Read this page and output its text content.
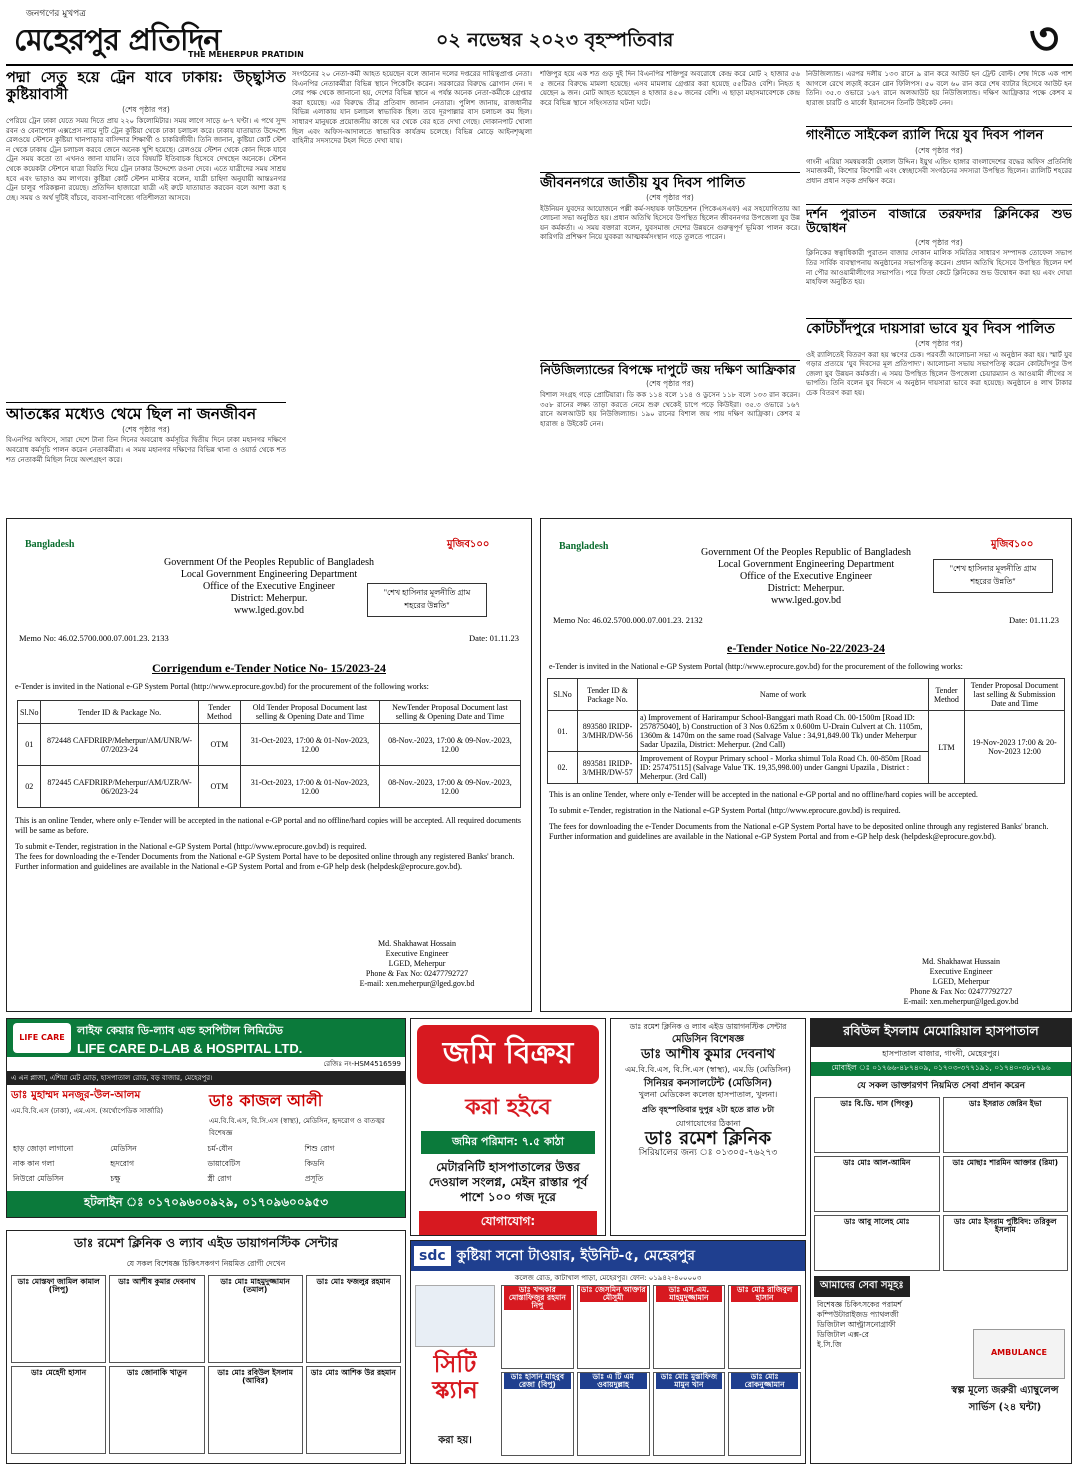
জনগণের মুখপত্র
মেহেরপুর প্রতিদিন
THE MEHERPUR PRATIDIN
০২ নভেম্বর ২০২৩ বৃহস্পতিবার	৩
পদ্মা সেতু হয়ে ট্রেন যাবে ঢাকায়: উচ্ছ্বসিত কুষ্টিয়াবাসী
(শেষ পৃষ্ঠার পর)
পেরিয়ে ট্রেন ঢাকা যেতে সময় দিতে প্রায় ২২০ কিলোমিটার। সময় লাগে সাড়ে ৬-৭ ঘণ্টা। এ পথে সুন্দরবন ও বেনাপোল এক্সপ্রেস নামে দুটি ট্রেন কুষ্টিয়া থেকে ঢাকা চলাচল করে। ঢাকায় যাতায়াত উদ্দেশ্যে রেলওয়ে স্টেশনে কুষ্টিয়া খানপাড়ার বাসিন্দার শিক্ষার্থী ও চাকরিজীবী। তিনি জানান, কুষ্টিয়া কোর্ট স্টেশন থেকে ঢাকায় ট্রেন চলাচল করবে জেনে অনেক খুশি হয়েছে। রেলওয়ে স্টেশন থেকে কোন দিকে যাবে ট্রেন সময় কতো তা এখনও জানা যায়নি। তবে বিষয়টি ইতিবাচক হিসেবে দেখছেন অনেকে। স্টেশন থেকে কয়েকটা স্টেশনে যাত্রা বিরতি দিয়ে ট্রেন ঢাকার উদ্দেশ্যে রওনা দেবে। এতে যাত্রীদের সময় সাশ্রয় হবে এবং ভাড়াও কম লাগবে। কুষ্টিয়া কোর্ট স্টেশন মাস্টার বলেন, যাত্রী চাহিদা অনুযায়ী আন্তঃনগর ট্রেন চালুর পরিকল্পনা রয়েছে। প্রতিদিন হাজারো যাত্রী এই রুটে যাতায়াত করবেন বলে আশা করা হচ্ছে। সময় ও অর্থ দুটিই বাঁচবে, ব্যবসা-বাণিজ্যে গতিশীলতা আসবে।
আতঙ্কের মধ্যেও থেমে ছিল না জনজীবন
(শেষ পৃষ্ঠার পর)
বিএনপির অফিসে, সারা দেশে টানা তিন দিনের অবরোধ কর্মসূচির দ্বিতীয় দিনে ঢাকা মহানগর দক্ষিণে অবরোধ কর্মসূচি পালন করেন নেতাকর্মীরা। এ সময় মহানগর দক্ষিণের বিভিন্ন থানা ও ওয়ার্ড থেকে শত শত নেতাকর্মী মিছিল নিয়ে অংশগ্রহণ করে।
সংগঠনের ২০ নেতা-কর্মী আহত হয়েছেন বলে জানান দলের দপ্তরের দায়িত্বপ্রাপ্ত নেতা। বিএনপির নেতাকর্মীরা বিভিন্ন স্থানে পিকেটিং করেন। সরকারের বিরুদ্ধে স্লোগান দেন। দলের পক্ষ থেকে জানানো হয়, দেশের বিভিন্ন স্থানে এ পর্যন্ত অনেক নেতা-কর্মীকে গ্রেপ্তার করা হয়েছে। এর বিরুদ্ধে তীব্র প্রতিবাদ জানান নেতারা। পুলিশ জানায়, রাজধানীর বিভিন্ন এলাকায় যান চলাচল স্বাভাবিক ছিল। তবে দূরপাল্লার বাস চলাচল কম ছিল। সাধারণ মানুষকে প্রয়োজনীয় কাজে ঘর থেকে বের হতে দেখা গেছে। দোকানপাট খোলা ছিল এবং অফিস-আদালতে স্বাভাবিক কার্যক্রম চলেছে। বিভিন্ন মোড়ে আইনশৃঙ্খলা বাহিনীর সদস্যদের টহল দিতে দেখা যায়।
শক্তিপুর হয়ে এক শত গুড় দুই দিন বিএনপির শক্তিপুর অবরোধে কেন্দ্র করে মোট ২ হাজার ৫৬৫ জনের বিরুদ্ধে মামলা হয়েছে। এসব মামলায় গ্রেপ্তার করা হয়েছে ৫৫টিরও বেশি। নিহত হয়েছেন ৯ জন। মোট আহত হয়েছেন ৪ হাজার ৪৫০ জনের বেশি। এ ছাড়া মহাসমাবেশকে কেন্দ্র করে বিভিন্ন স্থানে সহিংসতার ঘটনা ঘটে।
জীবননগরে জাতীয় যুব দিবস পালিত
(শেষ পৃষ্ঠার পর)
ইউনিয়ন যুবদের আয়োজনে পল্লী কর্ম-সহায়ক ফাউন্ডেশন (পিকেএসএফ) এর সহযোগিতায় আলোচনা সভা অনুষ্ঠিত হয়। প্রধান অতিথি হিসেবে উপস্থিত ছিলেন জীবননগর উপজেলা যুব উন্নয়ন কর্মকর্তা। এ সময় বক্তারা বলেন, যুবসমাজ দেশের উন্নয়নে গুরুত্বপূর্ণ ভূমিকা পালন করে। কারিগরি প্রশিক্ষণ নিয়ে যুবকরা আত্মকর্মসংস্থান গড়ে তুলতে পারেন।
নিউজিল্যান্ডের বিপক্ষে দাপুটে জয় দক্ষিণ আফ্রিকার
(শেষ পৃষ্ঠার পর)
বিশাল সংগ্রহ গড়ে প্রোটিয়ারা। ডি কক ১১৪ বলে ১১৪ ও ডুসেন ১১৮ বলে ১৩৩ রান করেন। ৩৫৮ রানের লক্ষ্য তাড়া করতে নেমে শুরু থেকেই চাপে পড়ে কিউইরা। ৩৫.৩ ওভারে ১৬৭ রানে অলআউট হয় নিউজিল্যান্ড। ১৯০ রানের বিশাল জয় পায় দক্ষিণ আফ্রিকা। কেশব মহারাজ ৪ উইকেট নেন।
নিউজিল্যান্ড। এরপর দলীয় ১৩৩ রানে ৯ রান করে আউট হন ট্রেন্ট বোল্ট। শেষ দিকে এক পাশ আগলে রেখে লড়াই করেন গ্লেন ফিলিপস। ৫০ বলে ৬০ রান করে শেষ ব্যাটার হিসেবে আউট হন তিনি। ৩৫.৩ ওভারে ১৬৭ রানে অলআউট হয় নিউজিল্যান্ড। দক্ষিণ আফ্রিকার পক্ষে কেশব মহারাজ চারটি ও মার্কো ইয়ানসেন তিনটি উইকেট নেন।
গাংনীতে সাইকেল র‌্যালি দিয়ে যুব দিবস পালন
(শেষ পৃষ্ঠার পর)
গাংনী এরিয়া সমন্বয়কারী হেলাল উদ্দিন। ইয়ুথ এন্ডিং হাঙ্গার বাংলাদেশের বদ্ধের অফিস প্রতিনিধি সমাজকর্মী, কিশোর কিশোরী এবং স্বেচ্ছাসেবী সংগঠনের সদস্যরা উপস্থিত ছিলেন। র‌্যালিটি শহরের প্রধান প্রধান সড়ক প্রদক্ষিণ করে।
দর্শন পুরাতন বাজারে তরফদার ক্লিনিকের শুভ উদ্বোধন
(শেষ পৃষ্ঠার পর)
ক্লিনিকের স্বত্বাধিকারী পুরাতন বাজার দোকান মালিক সমিতির সাধারণ সম্পাদক তোফেল সভাপতির সার্বিক ব্যবস্থাপনায় অনুষ্ঠানের সভাপতিত্ব করেন। প্রধান অতিথি হিসেবে উপস্থিত ছিলেন দর্শনা পৌর আওয়ামীলীগের সভাপতি। পরে ফিতা কেটে ক্লিনিকের শুভ উদ্বোধন করা হয় এবং দোয়া মাহফিল অনুষ্ঠিত হয়।
কোটচাঁদপুরে দায়সারা ভাবে যুব দিবস পালিত
(শেষ পৃষ্ঠার পর)
ওই র‌্যালিতেই বিতরণ করা হয় ঋণের চেক। পরবর্তী আলোচনা সভা এ অনুষ্ঠান করা হয়। স্মার্ট যুব গড়ার প্রত্যয়ে 'যুব দিবসের মূল প্রতিপাদ্য'। আলোচনা সভায় সভাপতিত্ব করেন কোটচাঁদপুর উপজেলা যুব উন্নয়ন কর্মকর্তা। এ সময় উপস্থিত ছিলেন উপজেলা চেয়ারম্যান ও আওয়ামী লীগের সভাপতি। তিনি বলেন যুব দিবসে এ অনুষ্ঠান দায়সারা ভাবে করা হয়েছে। অনুষ্ঠানে ৪ লাখ টাকার চেক বিতরণ করা হয়।
Bangladesh	মুজিব১০০
Government Of the Peoples Republic of Bangladesh
Local Government Engineering Department
Office of the Executive Engineer
District: Meherpur.
www.lged.gov.bd
"শেখ হাসিনার মূলনীতি গ্রাম শহরের উন্নতি"
Memo No: 46.02.5700.000.07.001.23. 2133	Date: 01.11.23
Corrigendum e-Tender Notice No- 15/2023-24

e-Tender is invited in the National e-GP System Portal (http://www.eprocure.gov.bd) for the procurement of the following works:

Sl.No	Tender ID & Package No.	Tender Method	Old Tender Proposal Document last selling & Opening Date and Time	NewTender Proposal Document last selling & Opening Date and Time
01	872448 CAFDRIRP/Meherpur/AM/UNR/W-07/2023-24	OTM	31-Oct-2023, 17:00 & 01-Nov-2023, 12.00	08-Nov.-2023, 17:00 & 09-Nov.-2023, 12.00
02	872445 CAFDRIRP/Meherpur/AM/UZR/W-06/2023-24	OTM	31-Oct-2023, 17:00 & 01-Nov-2023, 12.00	08-Nov.-2023, 17:00 & 09-Nov.-2023, 12.00

This is an online Tender, where only e-Tender will be accepted in the national e-GP portal and no offline/hard copies will be accepted. All required documents will be same as before.

To submit e-Tender, registration in the National e-GP System Portal (http://www.eprocure.gov.bd) is required.

The fees for downloading the e-Tender Documents from the National e-GP System Portal have to be deposited online through any registered Banks' branch. Further information and guidelines are available in the National e-GP System Portal and from e-GP help desk (helpdesk@eprocure.gov.bd).

Md. Shakhawat Hossain
Executive Engineer
LGED, Meherpur
Phone & Fax No: 02477792727
E-mail: xen.meherpur@lged.gov.bd
Bangladesh	মুজিব১০০
Government Of the Peoples Republic of Bangladesh
Local Government Engineering Department
Office of the Executive Engineer
District: Meherpur.
www.lged.gov.bd
"শেখ হাসিনার মূলনীতি গ্রাম শহরের উন্নতি"
Memo No: 46.02.5700.000.07.001.23. 2132	Date: 01.11.23
e-Tender Notice No-22/2023-24

e-Tender is invited in the National e-GP System Portal (http://www.eprocure.gov.bd) for the procurement of the following works:

Sl.No	Tender ID & Package No.	Name of work	Tender Method	Tender Proposal Document last selling & Submission Date and Time
01.	893580 IRIDP-3/MHR/DW-56	a) Improvement of Harirampur School-Banggari math Road Ch. 00-1500m [Road ID: 257875040], b) Construction of 3 Nos 0.625m x 0.600m U-Drain Culvert at Ch. 1105m, 1360m & 1470m on the same road (Salvage Value : 34,91,849.00 Tk) under Meherpur Sadar Upazila, District: Meherpur. (2nd Call)	LTM	19-Nov-2023 17:00 & 20-Nov-2023 12:00
02.	893581 IRIDP-3/MHR/DW-57	Improvement of Roypur Primary school - Morka shimul Tola Road Ch. 00-850m [Road ID: 257475115] (Salvage Value TK. 19,35,998.00) under Gangni Upazila , District : Meherpur. (3rd Call)		

This is an online Tender, where only e-Tender will be accepted in the national e-GP portal and no offline/hard copies will be accepted.

To submit e-Tender, registration in the National e-GP System Portal (http://www.eprocure.gov.bd) is required.

The fees for downloading the e-Tender Documents from the National e-GP System Portal have to be deposited online through any registered Banks' branch. Further information and guidelines are available in the National e-GP System Portal and from e-GP help desk (helpdesk@eprocure.gov.bd).

Md. Shakhawat Hussain
Executive Engineer
LGED, Meherpur
Phone & Fax No: 02477792727
E-mail: xen.meherpur@lged.gov.bd
লাইফ কেয়ার ডি-ল্যাব এন্ড হসপিটাল লিমিটেড
LIFE CARE D-LAB & HOSPITAL LTD.
LIFE CARE
রেজিঃ নং-HSM4516599
এ এন প্লাজা, এশিয়া মেট মোড়, হাসপাতাল রোড, বড় বাজার, মেহেরপুর।
ডাঃ মুহাম্মদ মনজুর-উল-আলম
এম.বি.বি.এস (ঢাকা), এম.এস. (অর্থোপেডিক সার্জারি)
ডাঃ কাজল আলী
এম.বি.বি.এস, বি.সি.এস (স্বাস্থ্য), মেডিসিন, হৃদরোগ ও বাতজ্বর বিশেষজ্ঞ
হাড় জোড়া লাগানো	মেডিসিন	চর্ম-যৌন	শিশু রোগ
নাক কান গলা	হৃদরোগ	ডায়াবেটিস	কিডনি
নিউরো মেডিসিন	চক্ষু	স্ত্রী রোগ	প্রসূতি
হটলাইন ঃ ০১৭০৯৬০০৯২৯, ০১৭০৯৬০০৯৫৩
জমি বিক্রয়
করা হইবে
জমির পরিমান: ৭.৫ কাঠা
মেটারনিটি হাসপাতালের উত্তর দেওয়াল সংলগ্ন, মেইন রাস্তার পূর্ব পাশে ১০০ গজ দূরে
যোগাযোগ:
ডাঃ রমেশ ক্লিনিক ও ল্যাব এইড ডায়াগনস্টিক সেন্টার
মেডিসিন বিশেষজ্ঞ
ডাঃ আশীষ কুমার দেবনাথ
এম.বি.বি.এস, বি.সি.এস (স্বাস্থ্য), এম.ডি (মেডিসিন)
সিনিয়র কনসালটেন্ট (মেডিসিন)
খুলনা মেডিকেল কলেজ হাসপাতাল, খুলনা।
প্রতি বৃহস্পতিবার দুপুর ২টা হতে রাত ৮টা
যোগাযোগের ঠিকানা
ডাঃ রমেশ ক্লিনিক
সিরিয়ালের জন্য ঃ ০১৩০৫-৭৬২৭৩
রবিউল ইসলাম মেমোরিয়াল হাসপাতাল
হাসপাতাল বাজার, গাংনী, মেহেরপুর।
মোবাইল ঃ ০১৭৬৬-৪৮৭৪০৯, ০১৭০৩-৩৭৭১৯১, ০১৭৪০-৩৮৮৭৯৬
যে সকল ডাক্তারগণ নিয়মিত সেবা প্রদান করেন
ডাঃ বি.ডি. দাস (পিংকু)	ডাঃ ইসরাত জেরিন ইভা
ডাঃ মোঃ আল-আমিন	ডাঃ মোছাঃ শারমিন আক্তার (রিমা)
ডাঃ আবু সালেহ মোঃ	ডাঃ মোঃ ইসরাম পুষ্টিবিদ: তরিকুল ইসলাম
আমাদের সেবা সমূহঃ
বিশেষজ্ঞ চিকিৎসকের পরামর্শ
কম্পিউটারাইজড প্যাথলজী
ডিজিটাল আল্ট্রাসনোগ্রাফী
ডিজিটাল এক্স-রে
ই.সি.জি
AMBULANCE
স্বল্প মূল্যে জরুরী এ্যাম্বুলেন্স সার্ভিস (২৪ ঘন্টা)
ডাঃ রমেশ ক্লিনিক ও ল্যাব এইড ডায়াগনস্টিক সেন্টার
যে সকল বিশেষজ্ঞ চিকিৎসকগণ নিয়মিত রোগী দেখেন
ডাঃ মোস্তফা জামিল কামাল (লিপু)
ডাঃ আশীষ কুমার দেবনাথ	ডাঃ মোঃ মাহমুদুজ্জামান (তমাল)
ডাঃ মোঃ ফজলুর রহমান
ডাঃ মেহেদী হাসান	ডাঃ জোনাকি খাতুন	ডাঃ মোঃ রবিউল ইসলাম (আবির)
ডাঃ মোঃ আশিক উর রহমান
sdc কুষ্টিয়া সনো টাওয়ার, ইউনিট-৫, মেহেরপুর
কলেজ রোড, কাটাখাল পাড়া, মেহেরপুর। ফোন: ০১৯৪২-৪০০০০৩
সিটি স্ক্যান
করা হয়।
ডাঃ খন্দকার মোস্তাফিজুর রহমান নিপু
ডাঃ জেসমিন আক্তার মৌসুমী
ডাঃ এস.এম. মাহমুদুজ্জামান
ডাঃ মোঃ রাজিবুল হাসান
ডাঃ হাসান মাহবুব রেজা (বিপু)
ডাঃ এ টি এম ওবায়দুল্লাহ
ডাঃ মোঃ মুস্তাফিজ মামুন খান
ডাঃ মোঃ রোকনুজ্জামান
